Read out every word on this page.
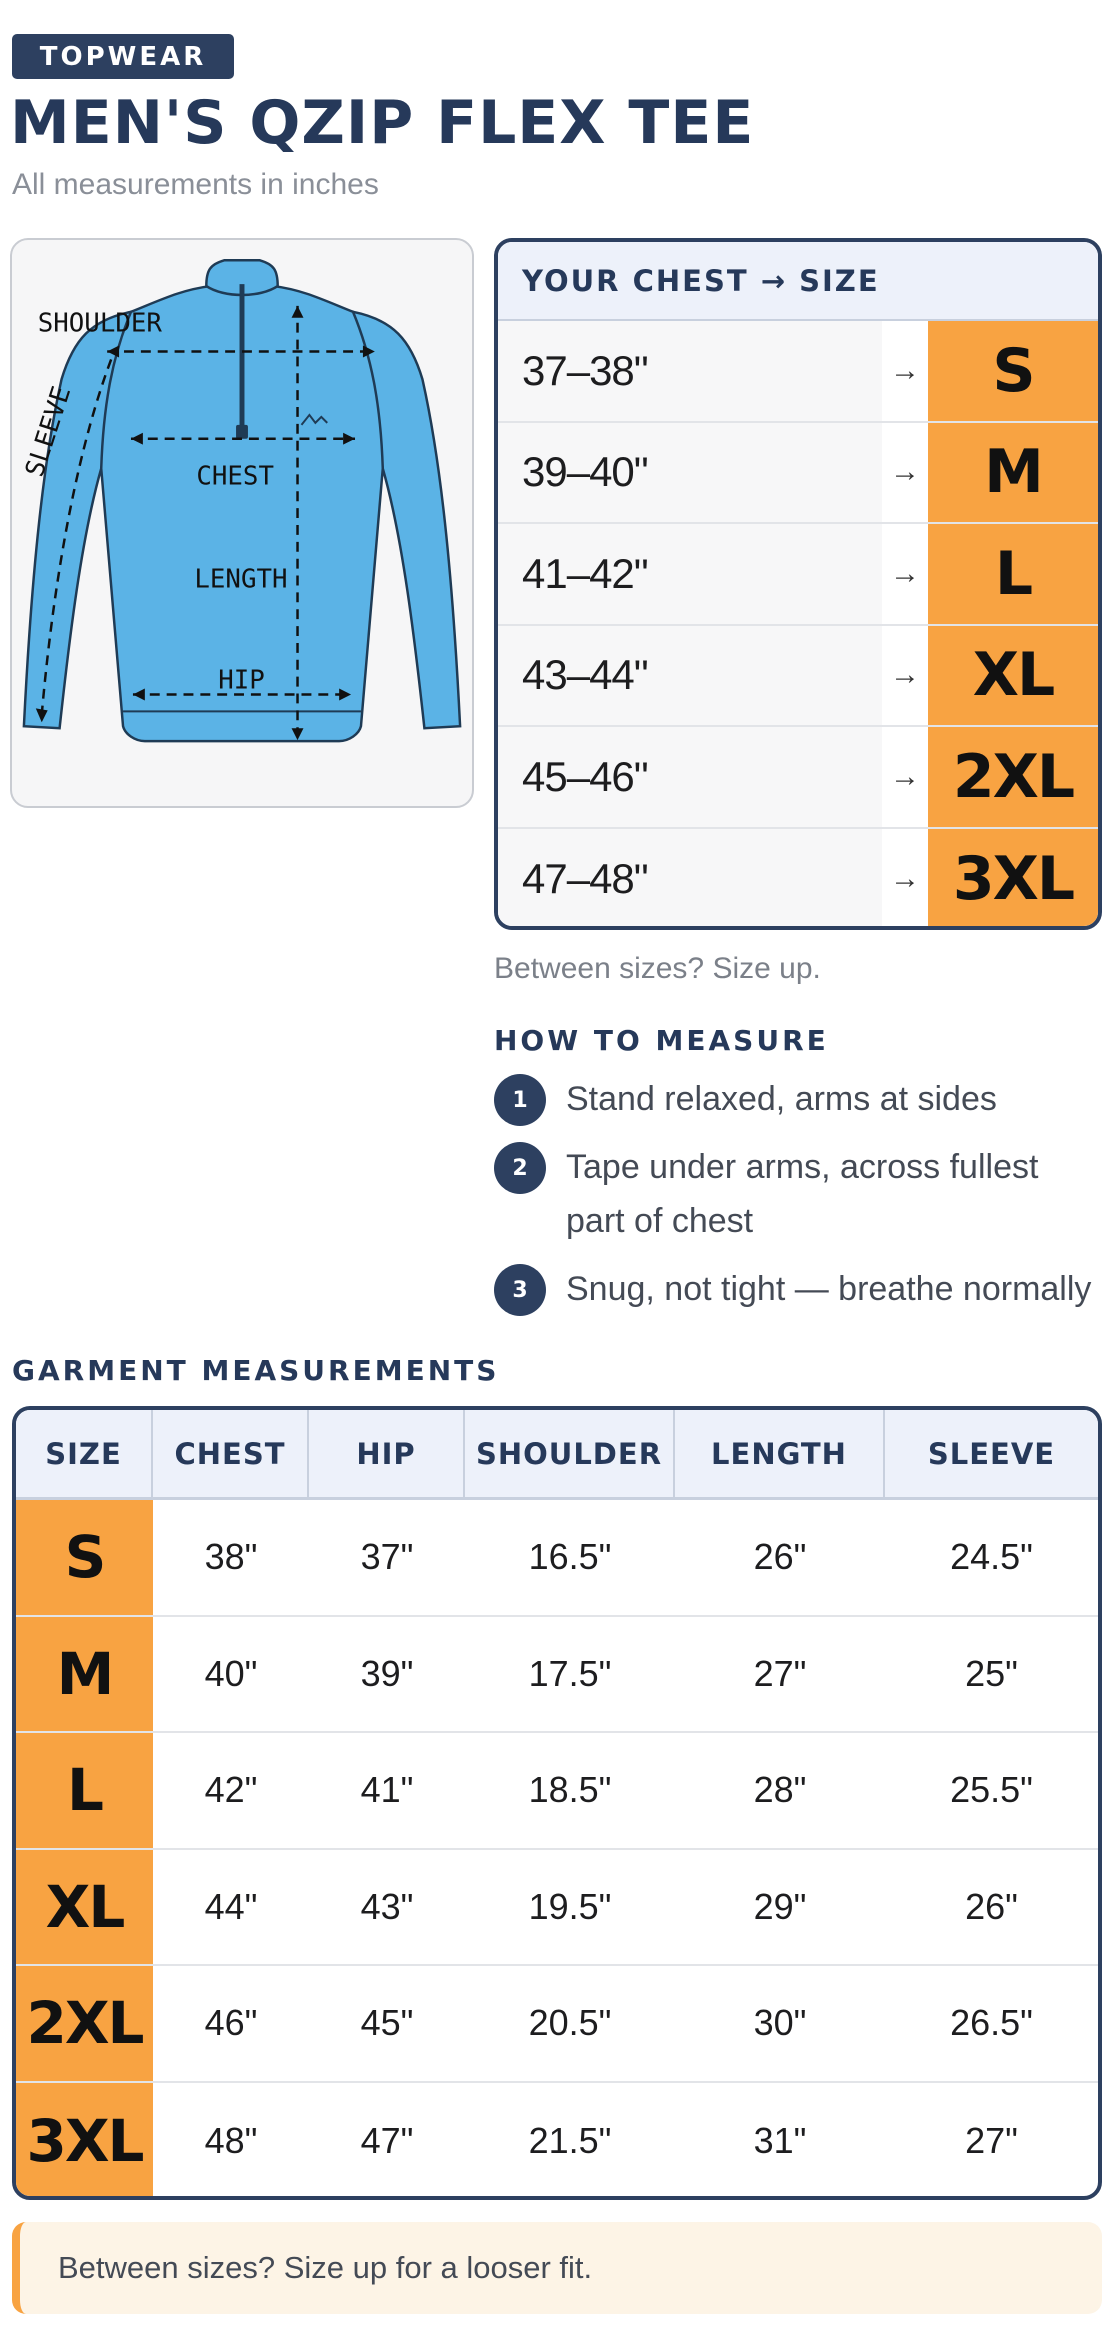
TOPWEAR
MEN'S QZIP FLEX TEE
All measurements in inches
SHOULDER
CHEST
LENGTH
HIP
SLEEVE
YOUR CHEST → SIZE
37–38"	→	S
39–40"	→	M
41–42"	→	L
43–44"	→ XL
45–46"	→ 2XL
47–48"	→ 3XL
Between sizes? Size up.
HOW TO MEASURE
1	Stand relaxed, arms at sides
2	Tape under arms, across fullest part of chest
3	Snug, not tight — breathe normally
GARMENT MEASUREMENTS
SIZE	CHEST	HIP	SHOULDER	LENGTH	SLEEVE
S	38"	37"	16.5"	26"	24.5"
M	40"	39"	17.5"	27"	25"
L	42"	41"	18.5"	28"	25.5"
XL	44"	43"	19.5"	29"	26"
2XL	46"	45"	20.5"	30"	26.5"
3XL	48"	47"	21.5"	31"	27"
Between sizes? Size up for a looser fit.
